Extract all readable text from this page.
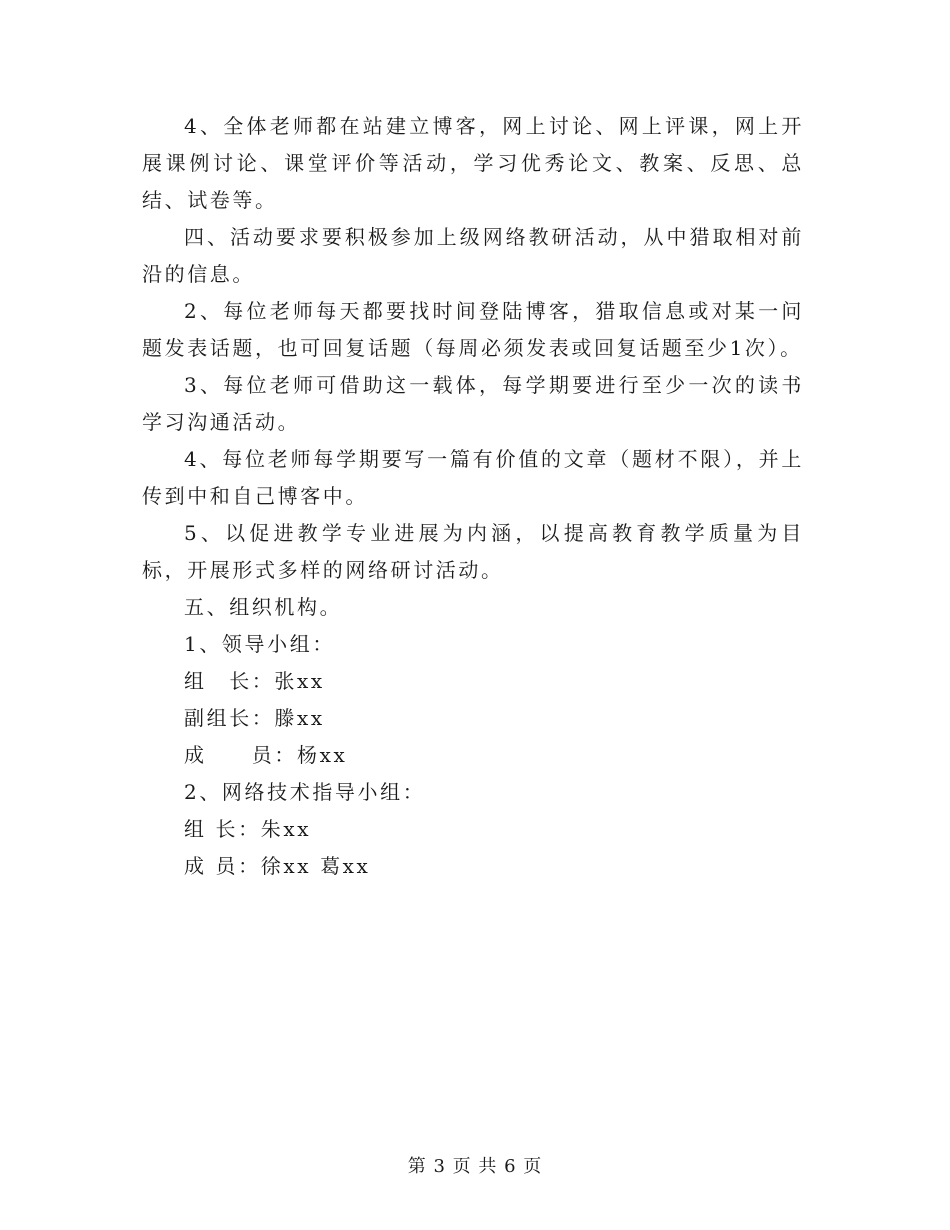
4、全体老师都在站建立博客，网上讨论、网上评课，网上开展课例讨论、课堂评价等活动，学习优秀论文、教案、反思、总结、试卷等。

四、活动要求要积极参加上级网络教研活动，从中猎取相对前沿的信息。

2、每位老师每天都要找时间登陆博客，猎取信息或对某一问题发表话题，也可回复话题（每周必须发表或回复话题至少1次）。

3、每位老师可借助这一载体，每学期要进行至少一次的读书学习沟通活动。

4、每位老师每学期要写一篇有价值的文章（题材不限），并上传到中和自己博客中。

5、以促进教学专业进展为内涵，以提高教育教学质量为目标，开展形式多样的网络研讨活动。

五、组织机构。

1、领导小组：

组　长：张xx

副组长：滕xx

成　　员：杨xx

2、网络技术指导小组：

组 长：朱xx

成 员：徐xx 葛xx

第 3 页 共 6 页
